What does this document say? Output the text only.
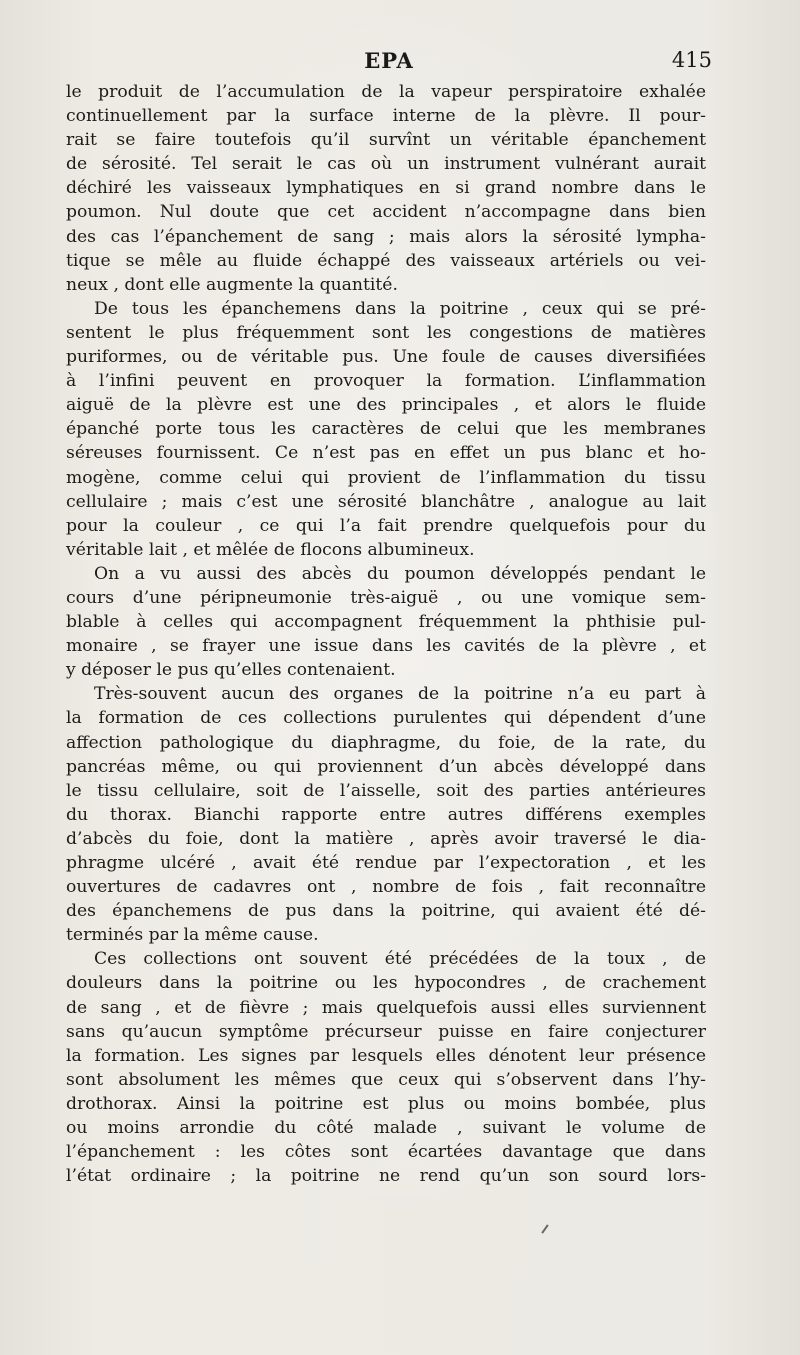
EPA	415
le produit de l’accumulation de la vapeur perspiratoire exhalée
continuellement par la surface interne de la plèvre. Il pour-
rait se faire toutefois qu’il survînt un véritable épanchement
de sérosité. Tel serait le cas où un instrument vulnérant aurait
déchiré les vaisseaux lymphatiques en si grand nombre dans le
poumon. Nul doute que cet accident n’accompagne dans bien
des cas l’épanchement de sang ; mais alors la sérosité lympha-
tique se mêle au fluide échappé des vaisseaux artériels ou vei-
neux , dont elle augmente la quantité.
De tous les épanchemens dans la poitrine , ceux qui se pré-
sentent le plus fréquemment sont les congestions de matières
puriformes, ou de véritable pus. Une foule de causes diversifiées
à l’infini peuvent en provoquer la formation. L’inflammation
aiguë de la plèvre est une des principales , et alors le fluide
épanché porte tous les caractères de celui que les membranes
séreuses fournissent. Ce n’est pas en effet un pus blanc et ho-
mogène, comme celui qui provient de l’inflammation du tissu
cellulaire ; mais c’est une sérosité blanchâtre , analogue au lait
pour la couleur , ce qui l’a fait prendre quelquefois pour du
véritable lait , et mêlée de flocons albumineux.
On a vu aussi des abcès du poumon développés pendant le
cours d’une péripneumonie très-aiguë , ou une vomique sem-
blable à celles qui accompagnent fréquemment la phthisie pul-
monaire , se frayer une issue dans les cavités de la plèvre , et
y déposer le pus qu’elles contenaient.
Très-souvent aucun des organes de la poitrine n’a eu part à
la formation de ces collections purulentes qui dépendent d’une
affection pathologique du diaphragme, du foie, de la rate, du
pancréas même, ou qui proviennent d’un abcès développé dans
le tissu cellulaire, soit de l’aisselle, soit des parties antérieures
du thorax. Bianchi rapporte entre autres différens exemples
d’abcès du foie, dont la matière , après avoir traversé le dia-
phragme ulcéré , avait été rendue par l’expectoration , et les
ouvertures de cadavres ont , nombre de fois , fait reconnaître
des épanchemens de pus dans la poitrine, qui avaient été dé-
terminés par la même cause.
Ces collections ont souvent été précédées de la toux , de
douleurs dans la poitrine ou les hypocondres , de crachement
de sang , et de fièvre ; mais quelquefois aussi elles surviennent
sans qu’aucun symptôme précurseur puisse en faire conjecturer
la formation. Les signes par lesquels elles dénotent leur présence
sont absolument les mêmes que ceux qui s’observent dans l’hy-
drothorax. Ainsi la poitrine est plus ou moins bombée, plus
ou moins arrondie du côté malade , suivant le volume de
l’épanchement : les côtes sont écartées davantage que dans
l’état ordinaire ; la poitrine ne rend qu’un son sourd lors-
